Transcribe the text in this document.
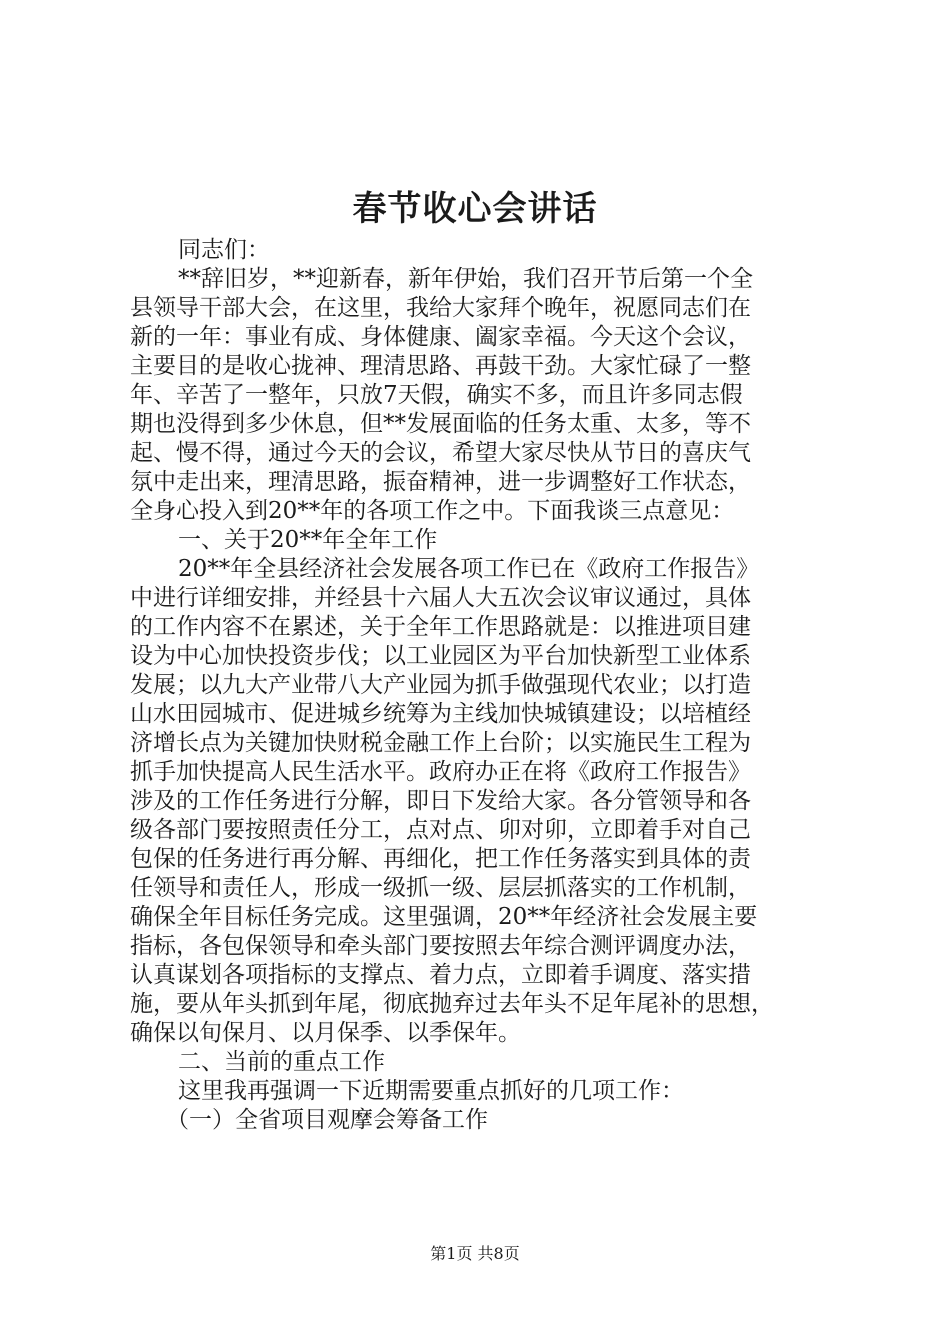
春节收心会讲话
同志们：
**辞旧岁，**迎新春，新年伊始，我们召开节后第一个全
县领导干部大会，在这里，我给大家拜个晚年，祝愿同志们在
新的一年：事业有成、身体健康、阖家幸福。今天这个会议，
主要目的是收心拢神、理清思路、再鼓干劲。大家忙碌了一整
年、辛苦了一整年，只放7天假，确实不多，而且许多同志假
期也没得到多少休息，但**发展面临的任务太重、太多，等不
起、慢不得，通过今天的会议，希望大家尽快从节日的喜庆气
氛中走出来，理清思路，振奋精神，进一步调整好工作状态，
全身心投入到20**年的各项工作之中。下面我谈三点意见：
一、关于20**年全年工作
20**年全县经济社会发展各项工作已在《政府工作报告》
中进行详细安排，并经县十六届人大五次会议审议通过，具体
的工作内容不在累述，关于全年工作思路就是：以推进项目建
设为中心加快投资步伐；以工业园区为平台加快新型工业体系
发展；以九大产业带八大产业园为抓手做强现代农业；以打造
山水田园城市、促进城乡统筹为主线加快城镇建设；以培植经
济增长点为关键加快财税金融工作上台阶；以实施民生工程为
抓手加快提高人民生活水平。政府办正在将《政府工作报告》
涉及的工作任务进行分解，即日下发给大家。各分管领导和各
级各部门要按照责任分工，点对点、卯对卯，立即着手对自己
包保的任务进行再分解、再细化，把工作任务落实到具体的责
任领导和责任人，形成一级抓一级、层层抓落实的工作机制，
确保全年目标任务完成。这里强调，20**年经济社会发展主要
指标，各包保领导和牵头部门要按照去年综合测评调度办法，
认真谋划各项指标的支撑点、着力点，立即着手调度、落实措
施，要从年头抓到年尾，彻底抛弃过去年头不足年尾补的思想，
确保以旬保月、以月保季、以季保年。
二、当前的重点工作
这里我再强调一下近期需要重点抓好的几项工作：
（一）全省项目观摩会筹备工作
第1页 共8页
